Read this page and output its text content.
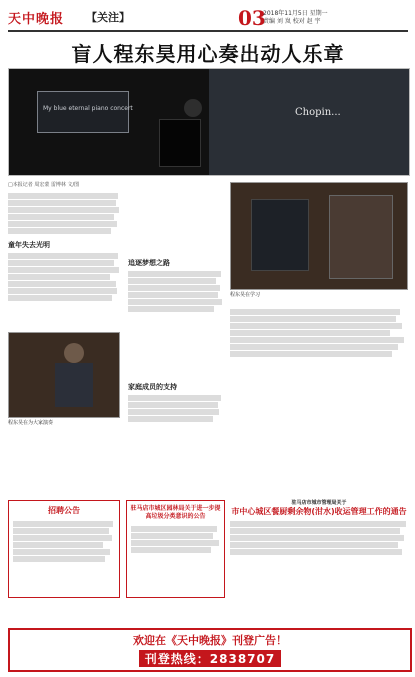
天中晚报 【关注】	03
2018年11月5日 星期一
责编 刘 岚 校对 赵 宇
盲人程东昊用心奏出动人乐章
My blue eternal piano concert	Chopin...
□本报记者 周宏蒙 雷博林 文/图
童年失去光明
程东昊在为大家演奏
追逐梦想之路
家庭成员的支持
程东昊在学习
招聘公告	驻马店市城区园林局关于进一步提高垃圾分类意识的公告
驻马店市城市管理局关于
市中心城区餐厨剩余物(泔水)收运管理工作的通告
欢迎在《天中晚报》刊登广告！
刊登热线：2838707
